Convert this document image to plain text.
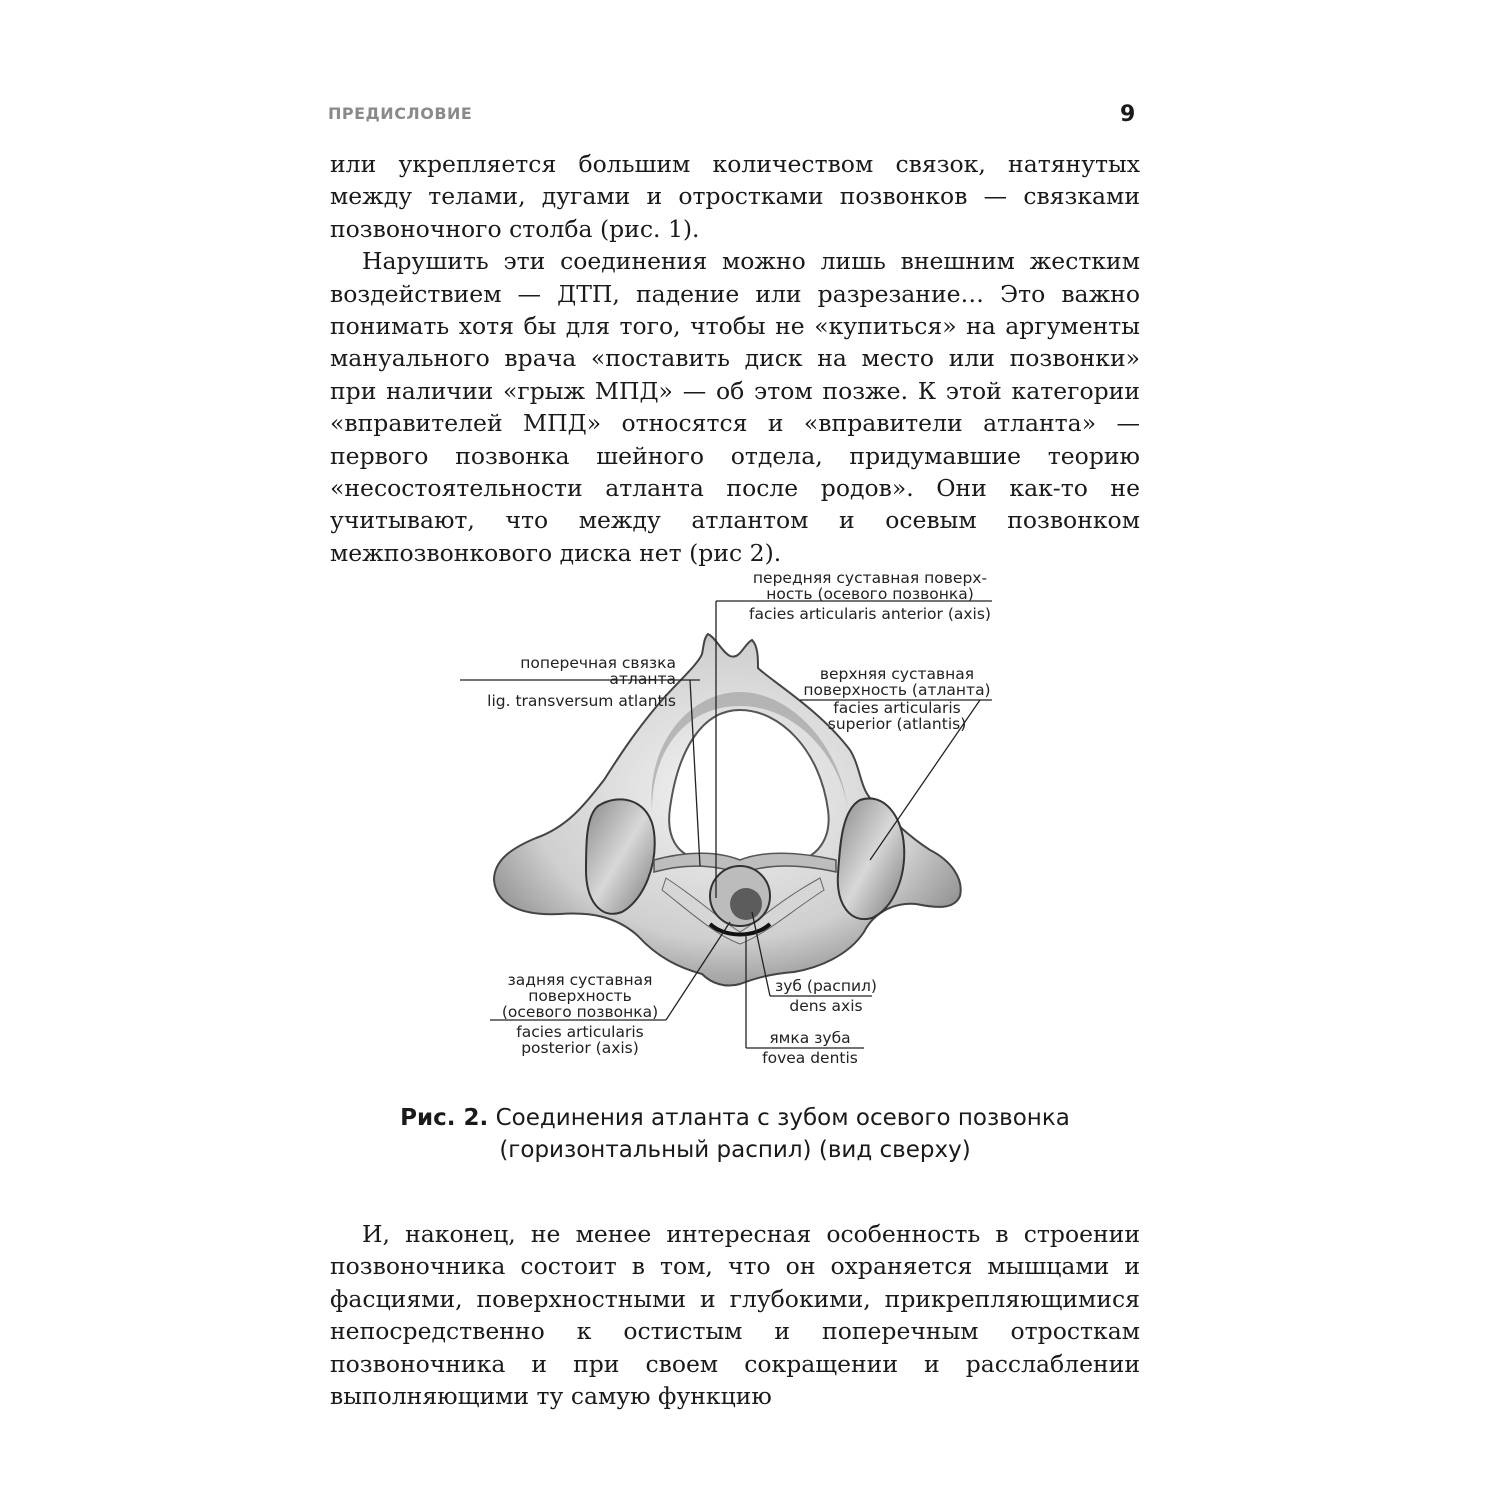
ПРЕДИСЛОВИЕ	9

или укрепляется большим количеством связок, натянутых между телами, дугами и отростками позвонков — связками позвоночного столба (рис. 1).

Нарушить эти соединения можно лишь внешним жестким воздействием — ДТП, падение или разрезание… Это важно понимать хотя бы для того, чтобы не «купиться» на аргументы мануального врача «поставить диск на место или позвонки» при наличии «грыж МПД» — об этом позже. К этой категории «вправителей МПД» относятся и «вправители атланта» — первого позвонка шейного отдела, придумавшие теорию «несостоятельности атланта после родов». Они как-то не учитывают, что между атлантом и осевым позвонком межпозвонкового диска нет (рис 2).

передняя суставная поверх-
ность (осевого позвонка)
facies articularis anterior (axis)
поперечная связка
атланта
lig. transversum atlantis
верхняя суставная
поверхность (атланта)
facies articularis
superior (atlantis)
задняя суставная
поверхность
(осевого позвонка)
facies articularis
posterior (axis)
зуб (распил)
dens axis
ямка зуба
fovea dentis
Рис. 2. Соединения атланта с зубом осевого позвонка (горизонтальный распил) (вид сверху)

И, наконец, не менее интересная особенность в строении позвоночника состоит в том, что он охраняется мышцами и фасциями, поверхностными и глубокими, прикрепляющимися непосредственно к остистым и поперечным отросткам позвоночника и при своем сокращении и расслаблении выполняющими ту самую функцию
